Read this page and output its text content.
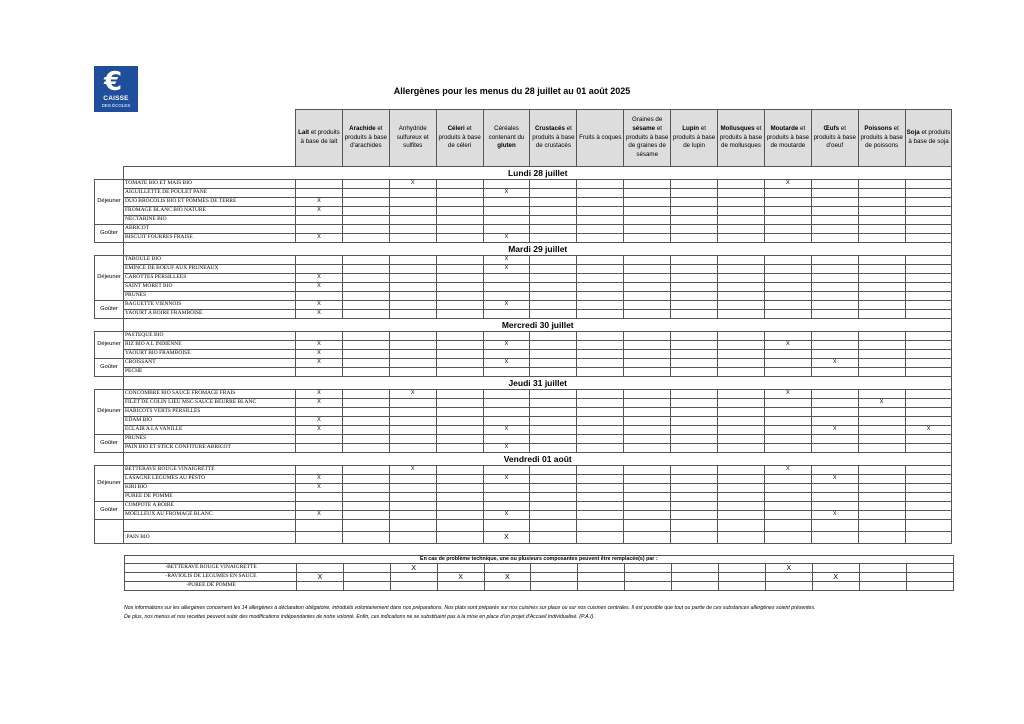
€
CAISSE
DES ÉCOLES
Allergènes pour les menus du 28 juillet au 01 août 2025
		Lait et produits à base de lait	Arachide et produits à base d'arachides	Anhydride sulfureux et sulfites	Céleri et produits à base de céleri	Céréales contenant du
gluten	Crustacés et produits à base de crustacés	Fruits à coques	Graines de
sésame et produits à base de graines de sésame	Lupin et produits à base de lupin	Mollusques et produits à base de mollusques	Moutarde et produits à base de moutarde	Œufs et produits à base d'oeuf	Poissons et produits à base de poissons	Soja et produits à base de soja
	Lundi 28 juillet														
Déjeuner	TOMATE BIO ET MAIS BIO			X								X			
	AIGUILLETTE DE POULET PANE					X									
	DUO BROCOLIS BIO ET POMMES DE TERRE	X													
	FROMAGE BLANC BIO NATURE	X													
	NECTARINE BIO														
Goûter	ABRICOT														
	BISCUIT FOURRES FRAISE	X				X									
	Mardi 29 juillet														
Déjeuner	TABOULE BIO					X									
	EMINCE DE BOEUF AUX PRUNEAUX					X									
	CAROTTES PERSILLEES	X													
	SAINT MORET BIO	X													
	PRUNES														
Goûter	BAGUETTE VIENNOIS	X				X									
	YAOURT A BOIRE FRAMBOISE	X													
	Mercredi 30 juillet														
Déjeuner	PASTEQUE BIO														
	RIZ BIO A L INDIENNE	X				X						X			
	YAOURT BIO FRAMBOISE	X													
Goûter	CROISSANT	X				X							X		
	PECHE														
	Jeudi 31 juillet														
Déjeuner	CONCOMBRE BIO SAUCE FROMAGE FRAIS	X		X								X			
	FILET DE COLIN LIEU MSC SAUCE BEURRE BLANC	X												X	
	HARICOTS VERTS PERSILLES														
	EDAM BIO	X													
	ECLAIR A LA VANILLE	X				X							X		X
Goûter	PRUNES														
	PAIN BIO ET STICK CONFITURE ABRICOT					X									
	Vendredi 01 août														
Déjeuner	BETTERAVE ROUGE VINAIGRETTE			X								X			
	LASAGNE LEGUMES AU PESTO	X				X							X		
	KIRI BIO	X													
	PUREE DE POMME														
Goûter	COMPOTE A BOIRE														
	MOELLEUX AU FROMAGE BLANC	X				X							X		

	:PAIN BIO					X									
En cas de problème technique, une ou plusieurs composantes peuvent être remplacée(s) par :														
-BETTERAVE ROUGE VINAIGRETTE			X								X			
-RAVIOLIS DE LEGUMES EN SAUCE	X			X	X							X		
-PUREE DE POMME														
Nos informations sur les allergènes concernent les 14 allergènes à déclaration obligatoire, introduits volontairement dans nos préparations. Nos plats sont préparés sur nos cuisines sur place ou sur nos cuisines centrales. Il est possible que tout ou partie de ces substances allergènes soient présentes.
De plus, nos menus et nos recettes peuvent subir des modifications indépendantes de notre volonté. Enfin, ces indications ne se substituent pas à la mise en place d'un projet d'Accueil Individualisé. (P.A.I).
